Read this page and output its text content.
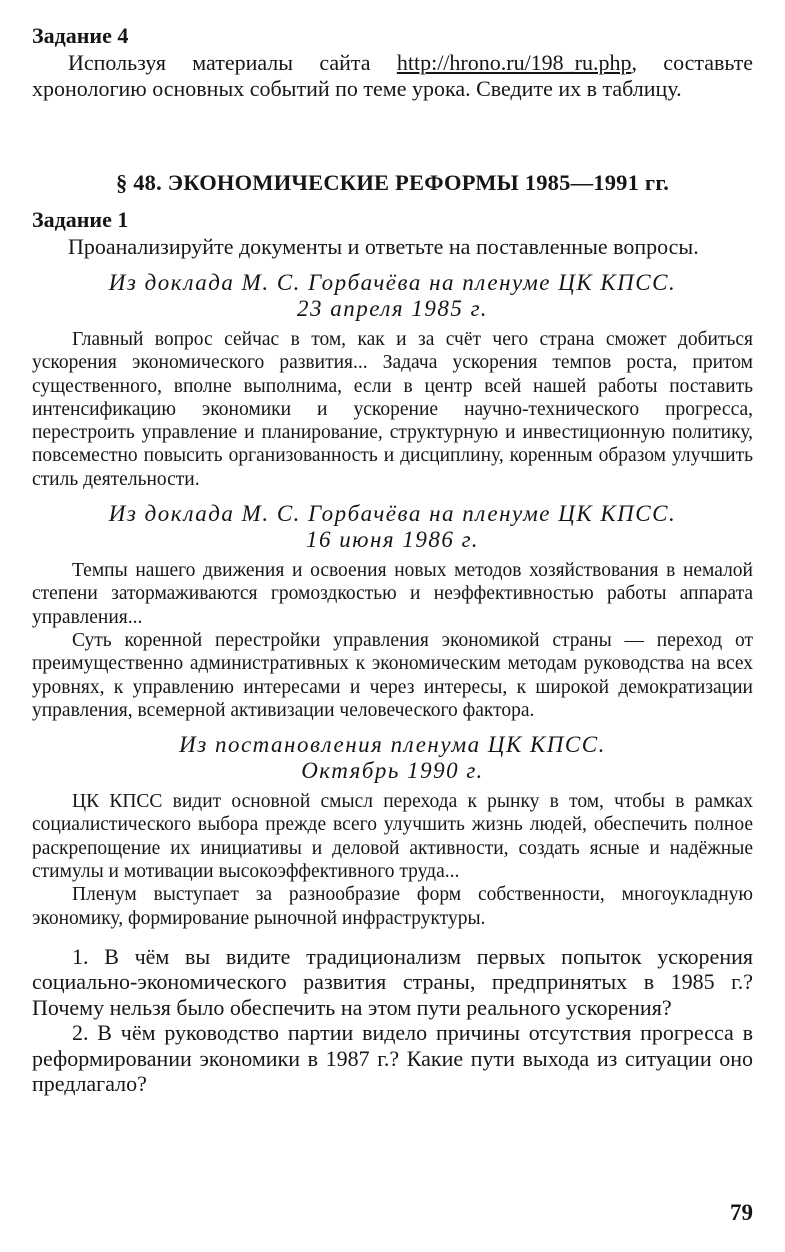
Задание 4

Используя материалы сайта http://hrono.ru/198_ru.php, составьте хронологию основных событий по теме урока. Сведите их в таблицу.

§ 48. ЭКОНОМИЧЕСКИЕ РЕФОРМЫ 1985—1991 гг.

Задание 1

Проанализируйте документы и ответьте на поставленные вопросы.

Из доклада М. С. Горбачёва на пленуме ЦК КПСС.
23 апреля 1985 г.

Главный вопрос сейчас в том, как и за счёт чего страна сможет добиться ускорения экономического развития... Задача ускорения темпов роста, притом существенного, вполне выполнима, если в центр всей нашей работы поставить интенсификацию экономики и ускорение научно-технического прогресса, перестроить управление и планирование, структурную и инвестиционную политику, повсеместно повысить организованность и дисциплину, коренным образом улучшить стиль деятельности.

Из доклада М. С. Горбачёва на пленуме ЦК КПСС.
16 июня 1986 г.

Темпы нашего движения и освоения новых методов хозяйствования в немалой степени затормаживаются громоздкостью и неэффективностью работы аппарата управления...

Суть коренной перестройки управления экономикой страны — переход от преимущественно административных к экономическим методам руководства на всех уровнях, к управлению интересами и через интересы, к широкой демократизации управления, всемерной активизации человеческого фактора.

Из постановления пленума ЦК КПСС.
Октябрь 1990 г.

ЦК КПСС видит основной смысл перехода к рынку в том, чтобы в рамках социалистического выбора прежде всего улучшить жизнь людей, обеспечить полное раскрепощение их инициативы и деловой активности, создать ясные и надёжные стимулы и мотивации высокоэффективного труда...

Пленум выступает за разнообразие форм собственности, многоукладную экономику, формирование рыночной инфраструктуры.

1. В чём вы видите традиционализм первых попыток ускорения социально-экономического развития страны, предпринятых в 1985 г.? Почему нельзя было обеспечить на этом пути реального ускорения?

2. В чём руководство партии видело причины отсутствия прогресса в реформировании экономики в 1987 г.? Какие пути выхода из ситуации оно предлагало?

79
